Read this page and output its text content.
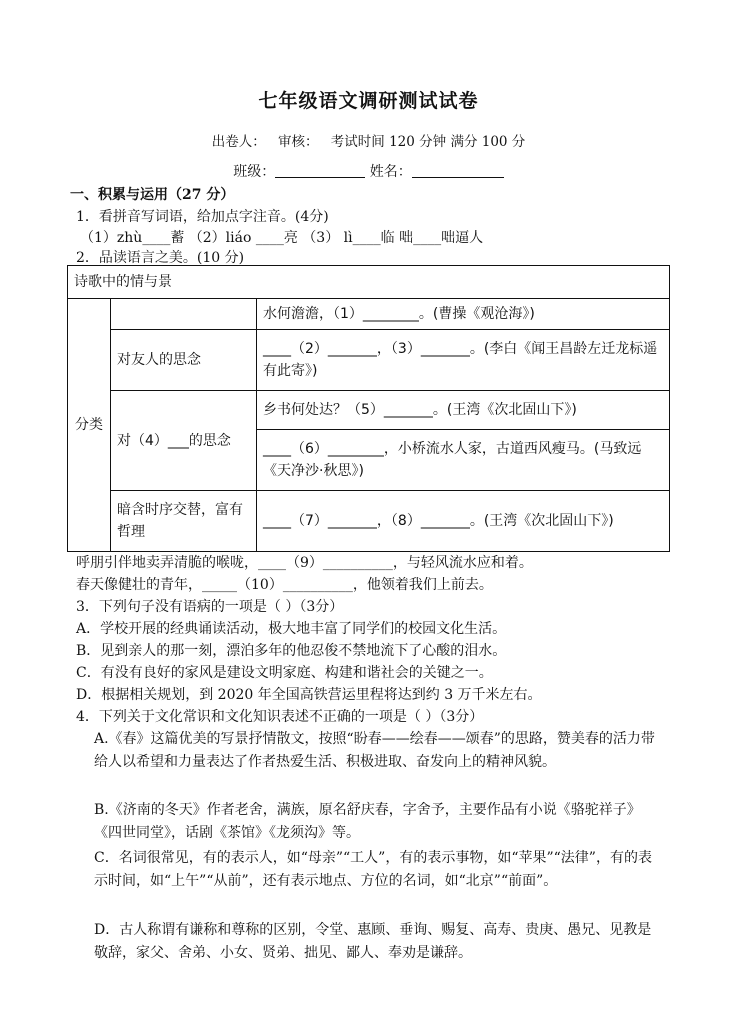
七年级语文调研测试试卷
出卷人： 审核： 考试时间 120 分钟 满分 100 分
班级：	姓名：
一、积累与运用（27 分）
1．看拼音写词语，给加点字注音。(4分)
（1）zhù____蓄 （2）liáo ____亮 （3） lì____临 咄____咄逼人
2．品读语言之美。(10 分)
诗歌中的情与景		
分类		水何澹澹，（1）________。(曹操《观沧海》)
	对友人的思念	____（2）_______，（3）_______。(李白《闻王昌龄左迁龙标遥有此寄》)
	对（4）___的思念	乡书何处达？（5）_______。(王湾《次北固山下》)
		____（6）________，小桥流水人家，古道西风瘦马。(马致远《天净沙·秋思》)
	暗含时序交替，富有哲理	____（7）_______，（8）_______。(王湾《次北固山下》)
呼朋引伴地卖弄清脆的喉咙，____（9）__________，与轻风流水应和着。
春天像健壮的青年，_____（10）__________，他领着我们上前去。
3．下列句子没有语病的一项是（ ）（3分）
A．学校开展的经典诵读活动，极大地丰富了同学们的校园文化生活。
B．见到亲人的那一刻，漂泊多年的他忍俊不禁地流下了心酸的泪水。
C．有没有良好的家风是建设文明家庭、构建和谐社会的关键之一。
D．根据相关规划，到 2020 年全国高铁营运里程将达到约 3 万千米左右。
4．下列关于文化常识和文化知识表述不正确的一项是（ ）（3分）
A.《春》这篇优美的写景抒情散文，按照“盼春——绘春——颂春”的思路，赞美春的活力带给人以希望和力量表达了作者热爱生活、积极进取、奋发向上的精神风貌。
B.《济南的冬天》作者老舍，满族，原名舒庆春，字舍予，主要作品有小说《骆驼祥子》《四世同堂》，话剧《茶馆》《龙须沟》等。
C．名词很常见，有的表示人，如“母亲”“工人”，有的表示事物，如“苹果”“法律”，有的表示时间，如“上午”“从前”，还有表示地点、方位的名词，如“北京”“前面”。
D．古人称谓有谦称和尊称的区别，令堂、惠顾、垂询、赐复、高寿、贵庚、愚兄、见教是敬辞，家父、舍弟、小女、贤弟、拙见、鄙人、奉劝是谦辞。
